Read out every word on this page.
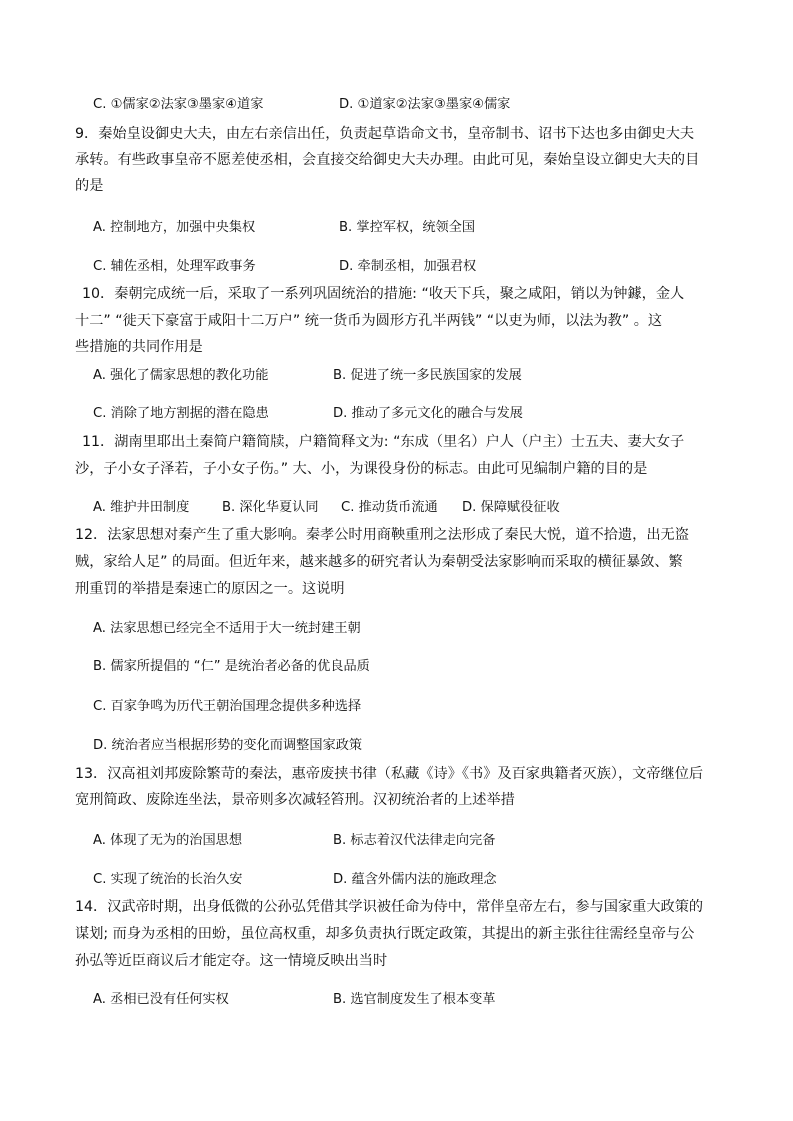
C. ①儒家②法家③墨家④道家	D. ①道家②法家③墨家④儒家
9．秦始皇设御史大夫，由左右亲信出任，负责起草诰命文书，皇帝制书、诏书下达也多由御史大夫
承转。有些政事皇帝不愿差使丞相，会直接交给御史大夫办理。由此可见，秦始皇设立御史大夫的目
的是
A. 控制地方，加强中央集权	B. 掌控军权，统领全国
C. 辅佐丞相，处理军政事务	D. 牵制丞相，加强君权
10．秦朝完成统一后，采取了一系列巩固统治的措施: “收天下兵，聚之咸阳，销以为钟鐻，金人
十二” “徙天下豪富于咸阳十二万户” 统一货币为圆形方孔半两钱” “以吏为师，以法为教” 。这
些措施的共同作用是
A. 强化了儒家思想的教化功能	B. 促进了统一多民族国家的发展
C. 消除了地方割据的潜在隐患	D. 推动了多元文化的融合与发展
11．湖南里耶出土秦简户籍简牍，户籍简释文为: “东成（里名）户人（户主）士五夫、妻大女子
沙，子小女子泽若，子小女子伤。” 大、小，为课役身份的标志。由此可见编制户籍的目的是
A. 维护井田制度 B. 深化华夏认同 C. 推动货币流通 D. 保障赋役征收
12．法家思想对秦产生了重大影响。秦孝公时用商鞅重刑之法形成了秦民大悦，道不拾遗，出无盗
贼，家给人足” 的局面。但近年来，越来越多的研究者认为秦朝受法家影响而采取的横征暴敛、繁
刑重罚的举措是秦速亡的原因之一。这说明
A. 法家思想已经完全不适用于大一统封建王朝
B. 儒家所提倡的 “仁” 是统治者必备的优良品质
C. 百家争鸣为历代王朝治国理念提供多种选择
D. 统治者应当根据形势的变化而调整国家政策
13．汉高祖刘邦废除繁苛的秦法，惠帝废挟书律（私藏《诗》《书》及百家典籍者灭族），文帝继位后
宽刑简政、废除连坐法，景帝则多次减轻笞刑。汉初统治者的上述举措
A. 体现了无为的治国思想	B. 标志着汉代法律走向完备
C. 实现了统治的长治久安	D. 蕴含外儒内法的施政理念
14．汉武帝时期，出身低微的公孙弘凭借其学识被任命为侍中，常伴皇帝左右，参与国家重大政策的
谋划; 而身为丞相的田蚡，虽位高权重，却多负责执行既定政策，其提出的新主张往往需经皇帝与公
孙弘等近臣商议后才能定夺。这一情境反映出当时
A. 丞相已没有任何实权	B. 选官制度发生了根本变革
